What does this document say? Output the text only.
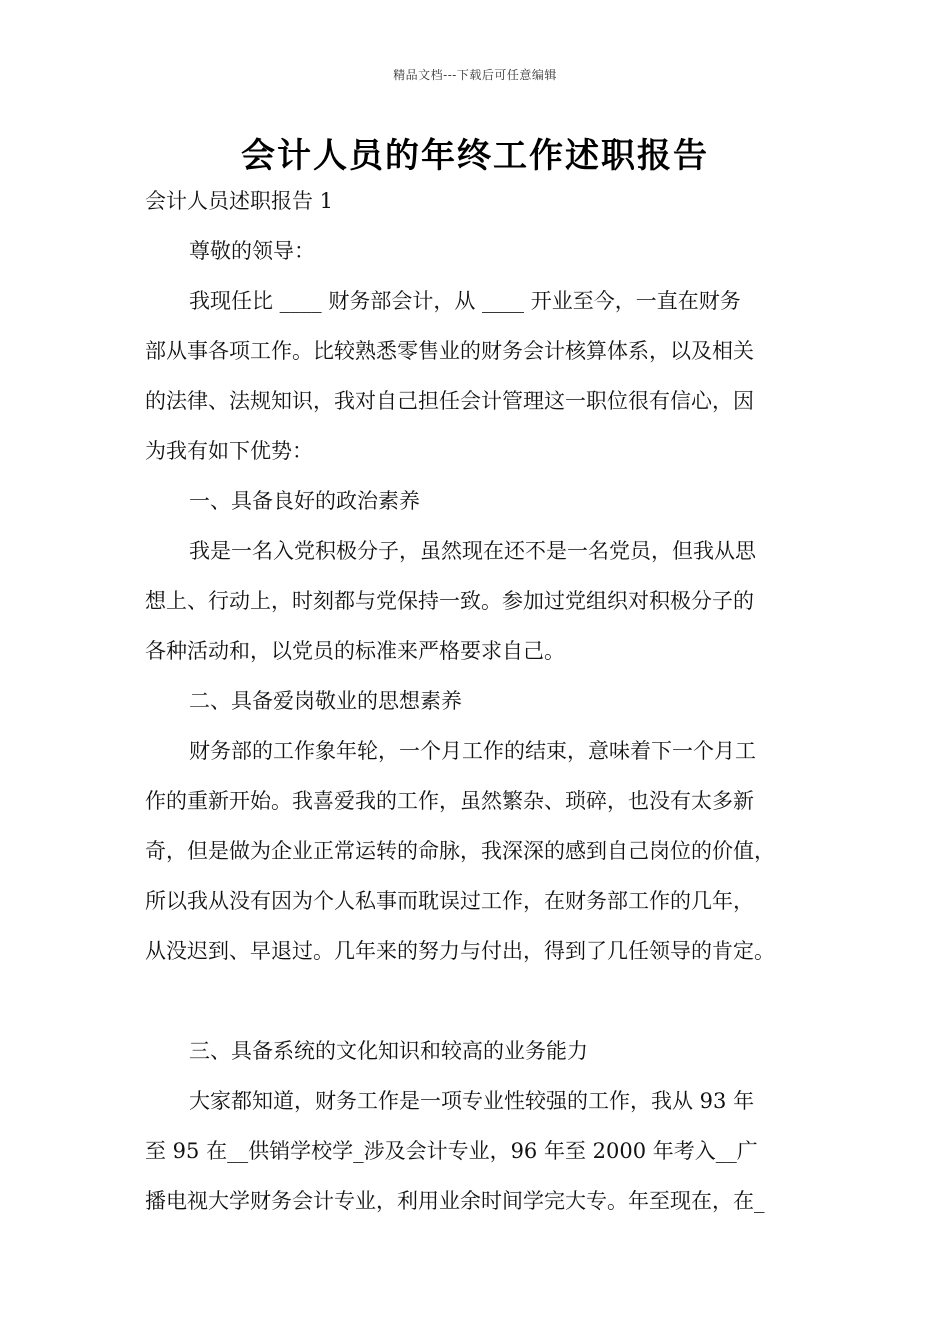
精品文档---下载后可任意编辑
会计人员的年终工作述职报告
会计人员述职报告 1
尊敬的领导：
我现任比 ____ 财务部会计，从 ____ 开业至今，一直在财务
部从事各项工作。比较熟悉零售业的财务会计核算体系，以及相关
的法律、法规知识，我对自己担任会计管理这一职位很有信心，因
为我有如下优势：
一、具备良好的政治素养
我是一名入党积极分子，虽然现在还不是一名党员，但我从思
想上、行动上，时刻都与党保持一致。参加过党组织对积极分子的
各种活动和，以党员的标准来严格要求自己。
二、具备爱岗敬业的思想素养
财务部的工作象年轮，一个月工作的结束，意味着下一个月工
作的重新开始。我喜爱我的工作，虽然繁杂、琐碎，也没有太多新
奇，但是做为企业正常运转的命脉，我深深的感到自己岗位的价值，
所以我从没有因为个人私事而耽误过工作，在财务部工作的几年，
从没迟到、早退过。几年来的努力与付出，得到了几任领导的肯定。
三、具备系统的文化知识和较高的业务能力
大家都知道，财务工作是一项专业性较强的工作，我从 93 年
至 95 在__供销学校学_涉及会计专业，96 年至 2000 年考入__广
播电视大学财务会计专业，利用业余时间学完大专。年至现在，在_
